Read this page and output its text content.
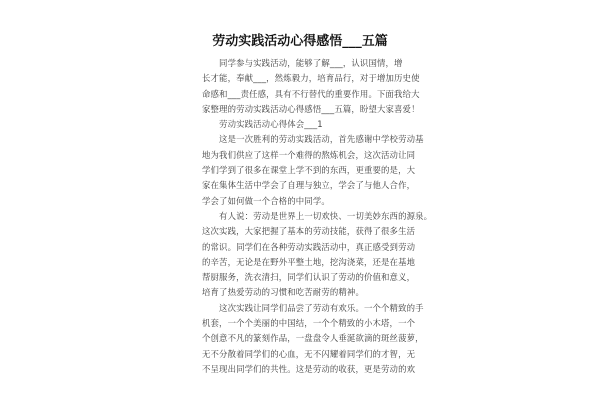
劳动实践活动心得感悟___五篇
　　同学参与实践活动，能够了解___，认识国情，增
长才能，奉献___，然炼毅力，培育品行，对于增加历史使
命感和___责任感，具有不行替代的重要作用。下面我给大
家整理的劳动实践活动心得感悟___五篇，盼望大家喜爱！
　　劳动实践活动心得体会___1
　　这是一次胜利的劳动实践活动，首先感谢中学校劳动基
地为我们供应了这样一个难得的熬炼机会，这次活动让同
学们学到了很多在课堂上学不到的东西，更重要的是，大
家在集体生活中学会了自理与独立，学会了与他人合作，
学会了如何做一个合格的中同学。
　　有人说：劳动是世界上一切欢快、一切美妙东西的源泉。
这次实践，大家把握了基本的劳动技能，获得了很多生活
的常识。同学们在各种劳动实践活动中，真正感受到劳动
的辛苦，无论是在野外平整土地，挖沟浇菜，还是在基地
帮厨服务，洗衣清扫，同学们认识了劳动的价值和意义，
培育了热爱劳动的习惯和吃苦耐劳的精神。
　　这次实践让同学们品尝了劳动有欢乐。一个个精致的手
机套，一个个美丽的中国结，一个个精致的小木塔，一个
个创意不凡的篆刻作品，一盘盘令人垂涎欲滴的斑丝菠萝，
无不分散着同学们的心血，无不闪耀着同学们的才智，无
不呈现出同学们的共性。这是劳动的收获，更是劳动的欢
